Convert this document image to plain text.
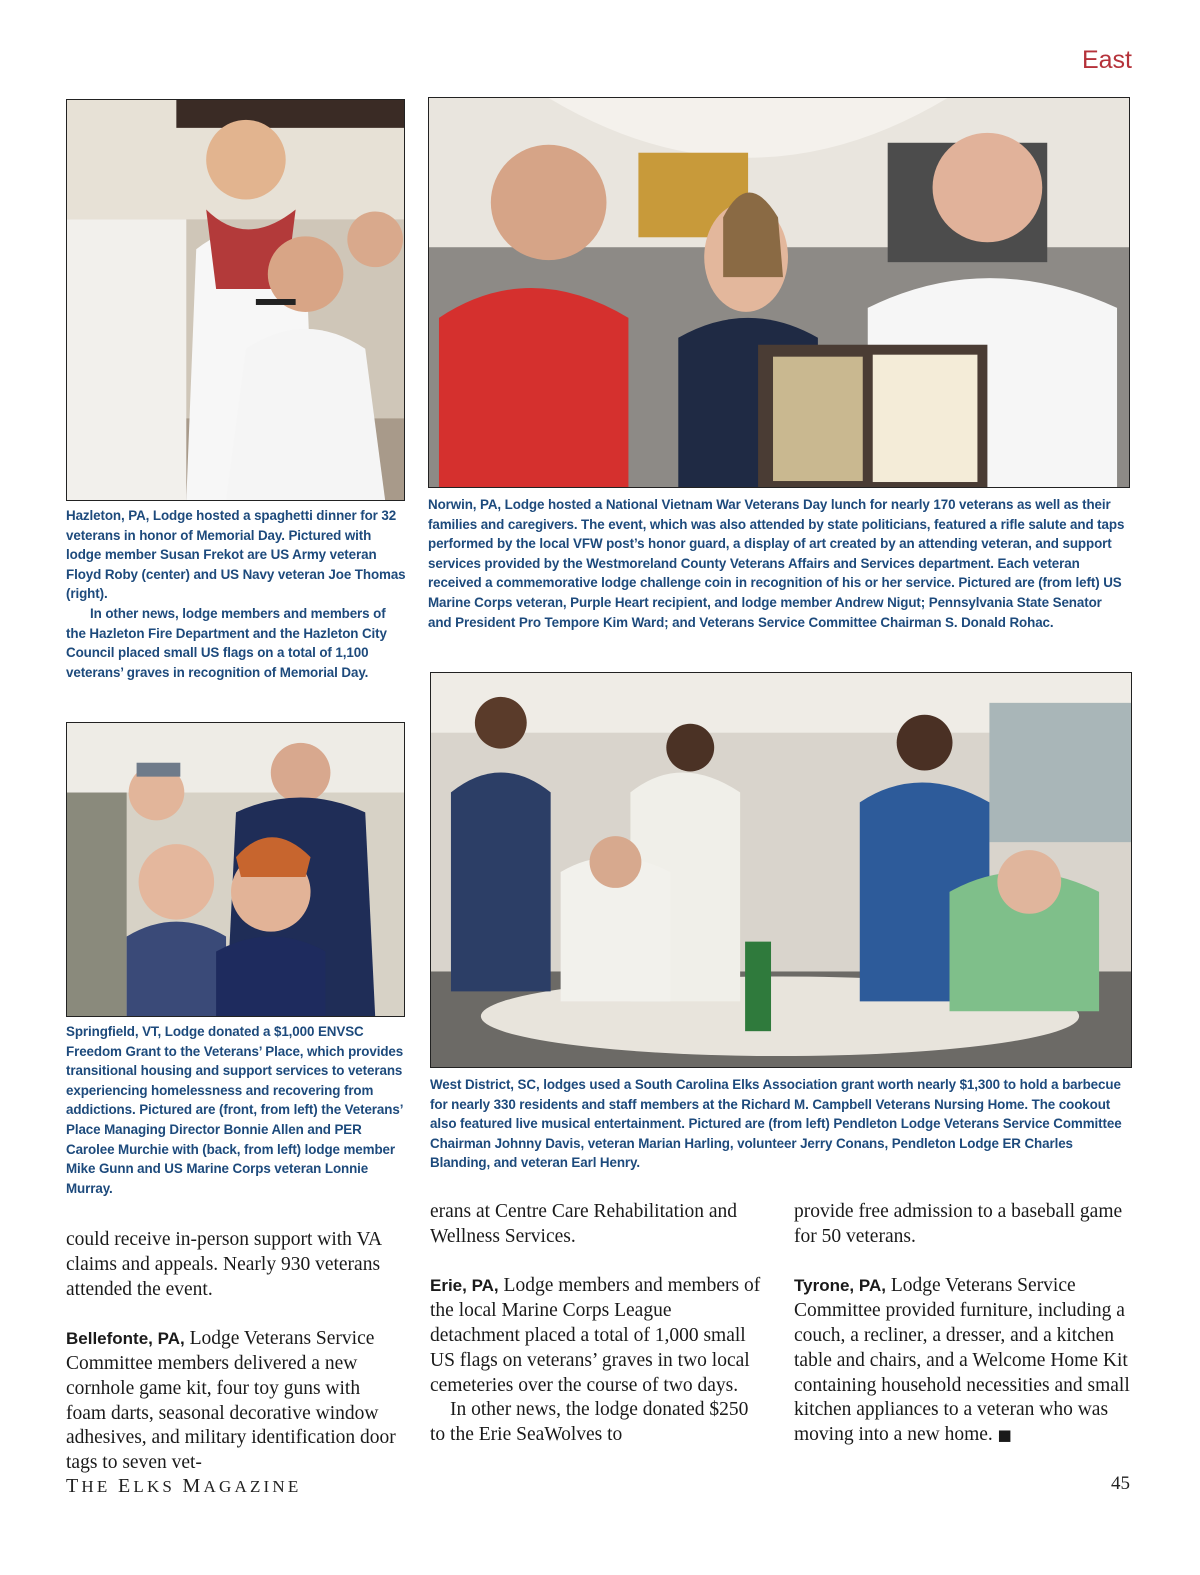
East

Hazleton, PA, Lodge hosted a spaghetti dinner for 32 veterans in honor of Memorial Day. Pictured with lodge member Susan Frekot are US Army veteran Floyd Roby (center) and US Navy veteran Joe Thomas (right).
In other news, lodge members and members of the Hazleton Fire Department and the Hazleton City Council placed small US flags on a total of 1,100 veterans’ graves in recognition of Memorial Day.

Norwin, PA, Lodge hosted a National Vietnam War Veterans Day lunch for nearly 170 veterans as well as their families and caregivers. The event, which was also attended by state politicians, featured a rifle salute and taps performed by the local VFW post’s honor guard, a display of art created by an attending veteran, and support services provided by the Westmoreland County Veterans Affairs and Services department. Each veteran received a commemorative lodge challenge coin in recognition of his or her service. Pictured are (from left) US Marine Corps veteran, Purple Heart recipient, and lodge member Andrew Nigut; Pennsylvania State Senator and President Pro Tempore Kim Ward; and Veterans Service Committee Chairman S. Donald Rohac.

Springfield, VT, Lodge donated a $1,000 ENVSC Freedom Grant to the Veterans’ Place, which provides transitional housing and support services to veterans experiencing homelessness and recovering from addictions. Pictured are (front, from left) the Veterans’ Place Managing Director Bonnie Allen and PER Carolee Murchie with (back, from left) lodge member Mike Gunn and US Marine Corps veteran Lonnie Murray.

West District, SC, lodges used a South Carolina Elks Association grant worth nearly $1,300 to hold a barbecue for nearly 330 residents and staff members at the Richard M. Campbell Veterans Nursing Home. The cookout also featured live musical entertainment. Pictured are (from left) Pendleton Lodge Veterans Service Committee Chairman Johnny Davis, veteran Marian Harling, volunteer Jerry Conans, Pendleton Lodge ER Charles Blanding, and veteran Earl Henry.

could receive in-person support with VA claims and appeals. Nearly 930 veterans attended the event.

Bellefonte, PA, Lodge Veterans Service Committee members delivered a new cornhole game kit, four toy guns with foam darts, seasonal decorative window adhesives, and military identification door tags to seven vet-

erans at Centre Care Rehabilitation and Wellness Services.

Erie, PA, Lodge members and members of the local Marine Corps League detachment placed a total of 1,000 small US flags on veterans’ graves in two local cemeteries over the course of two days.

In other news, the lodge donated $250 to the Erie SeaWolves to

provide free admission to a baseball game for 50 veterans.

Tyrone, PA, Lodge Veterans Service Committee provided furniture, including a couch, a recliner, a dresser, and a kitchen table and chairs, and a Welcome Home Kit containing household necessities and small kitchen appliances to a veteran who was moving into a new home. ■

THE ELKS MAGAZINE	45
